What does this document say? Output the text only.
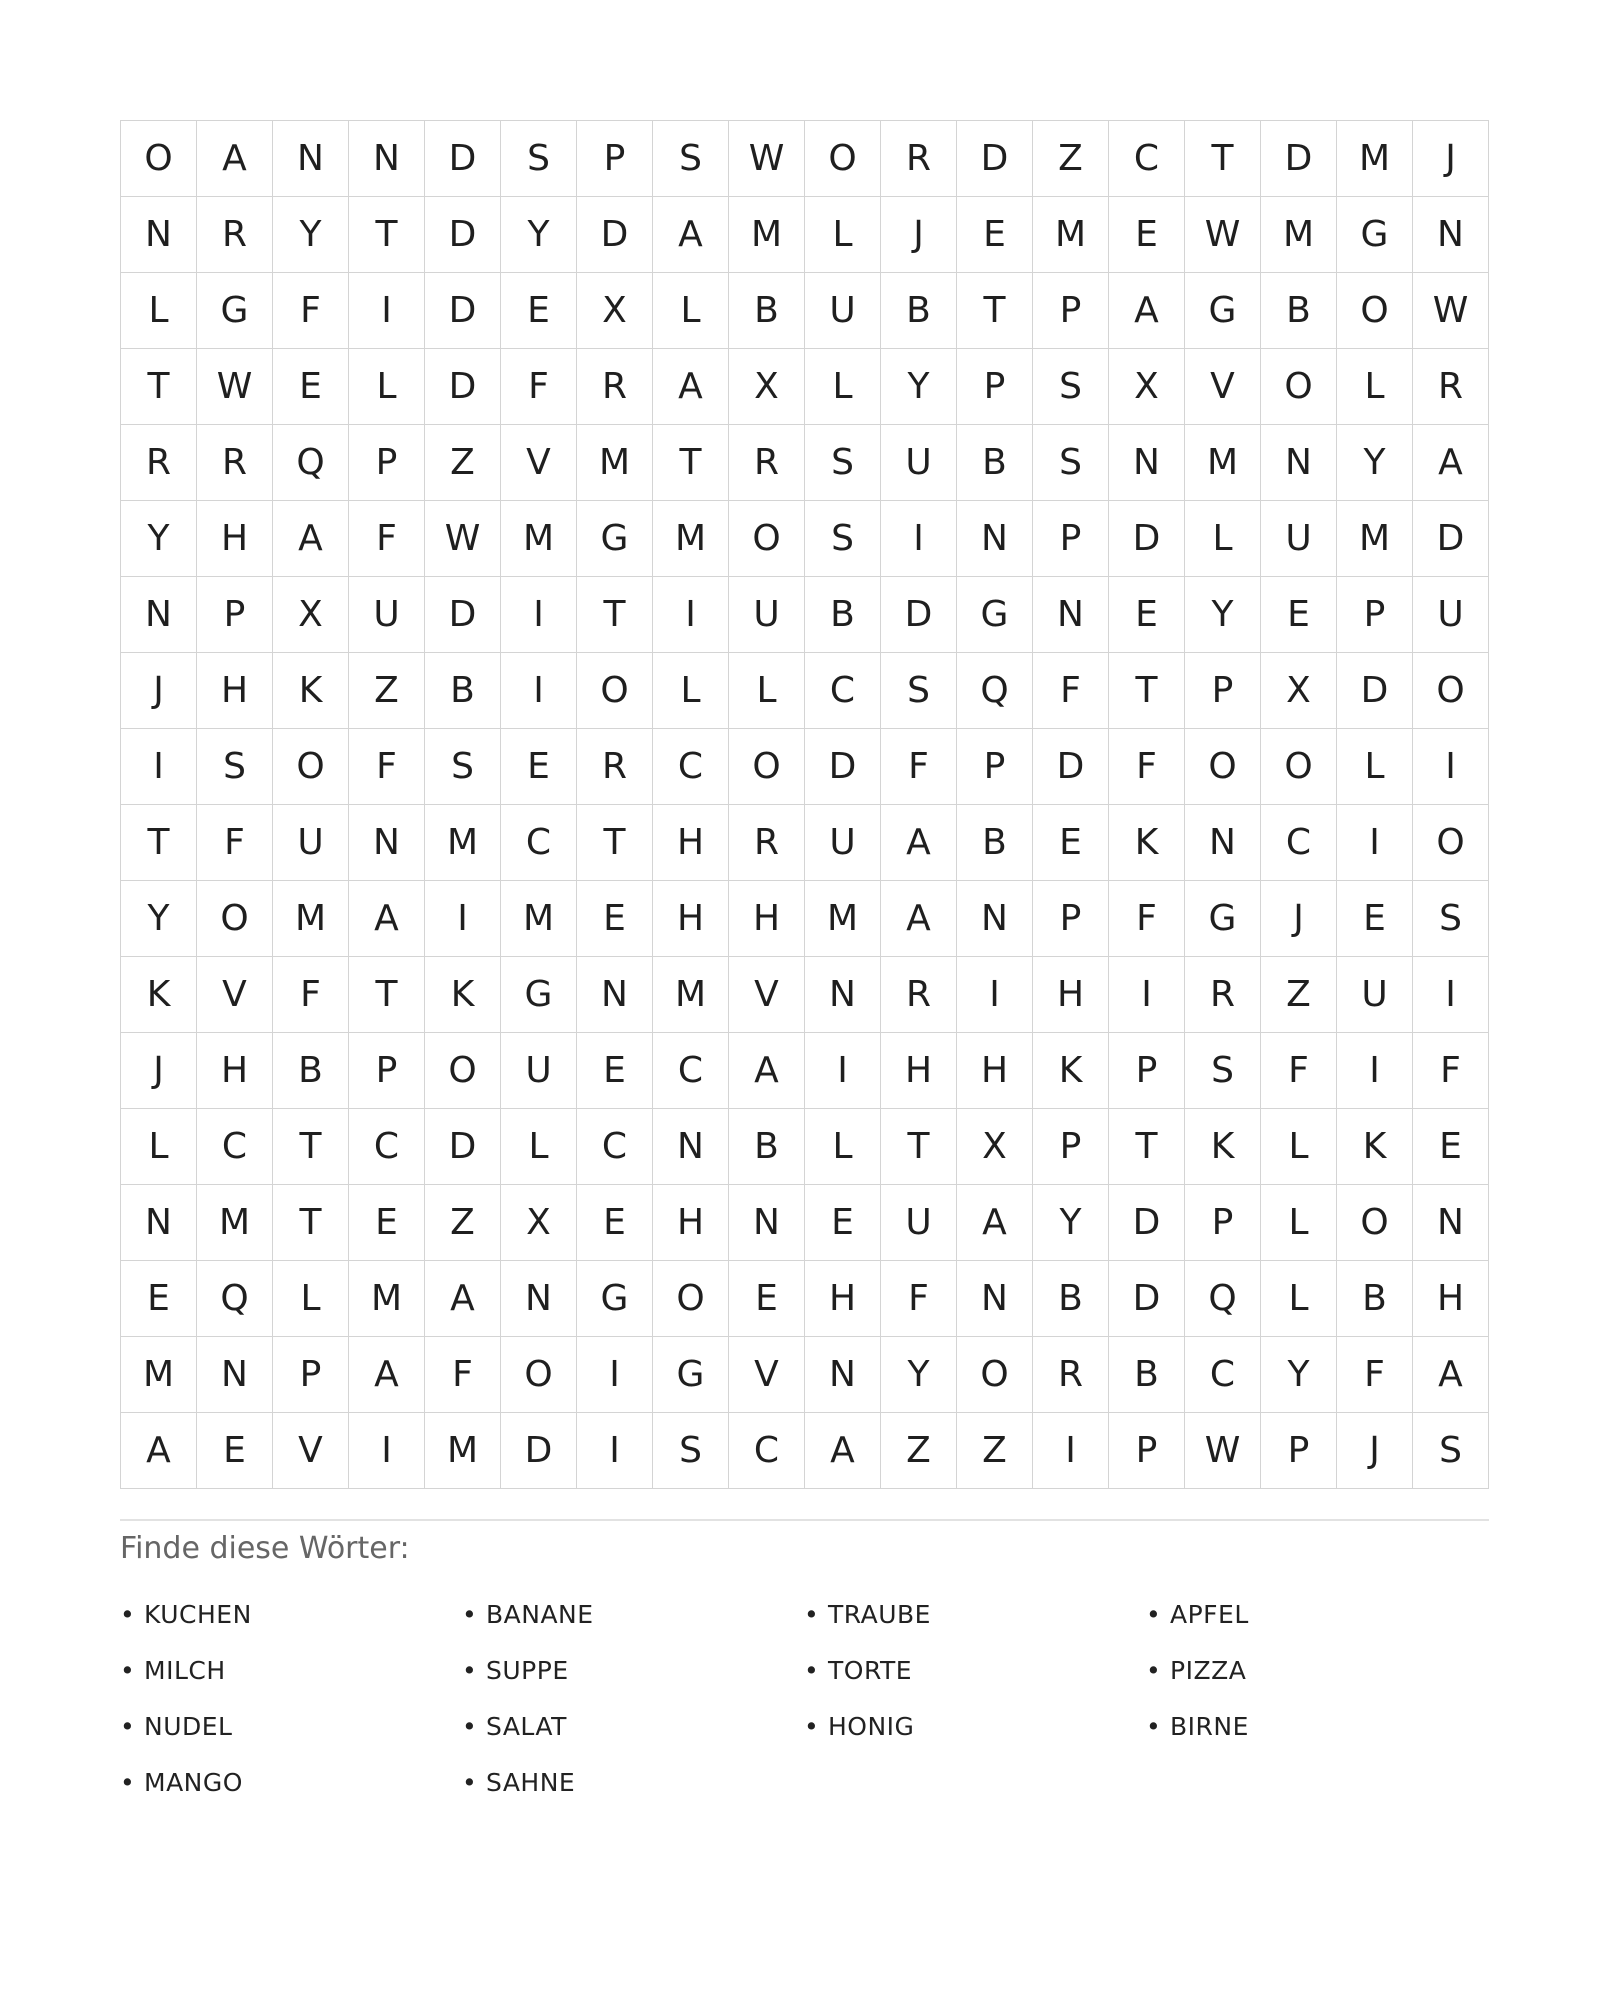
O	A	N	N	D	S	P	S	W	O	R	D	Z	C	T	D	M	J
N	R	Y	T	D	Y	D	A	M	L	J	E	M	E	W	M	G	N
L	G	F	I	D	E	X	L	B	U	B	T	P	A	G	B	O	W
T	W	E	L	D	F	R	A	X	L	Y	P	S	X	V	O	L	R
R	R	Q	P	Z	V	M	T	R	S	U	B	S	N	M	N	Y	A
Y	H	A	F	W	M	G	M	O	S	I	N	P	D	L	U	M	D
N	P	X	U	D	I	T	I	U	B	D	G	N	E	Y	E	P	U
J	H	K	Z	B	I	O	L	L	C	S	Q	F	T	P	X	D	O
I	S	O	F	S	E	R	C	O	D	F	P	D	F	O	O	L	I
T	F	U	N	M	C	T	H	R	U	A	B	E	K	N	C	I	O
Y	O	M	A	I	M	E	H	H	M	A	N	P	F	G	J	E	S
K	V	F	T	K	G	N	M	V	N	R	I	H	I	R	Z	U	I
J	H	B	P	O	U	E	C	A	I	H	H	K	P	S	F	I	F
L	C	T	C	D	L	C	N	B	L	T	X	P	T	K	L	K	E
N	M	T	E	Z	X	E	H	N	E	U	A	Y	D	P	L	O	N
E	Q	L	M	A	N	G	O	E	H	F	N	B	D	Q	L	B	H
M	N	P	A	F	O	I	G	V	N	Y	O	R	B	C	Y	F	A
A	E	V	I	M	D	I	S	C	A	Z	Z	I	P	W	P	J	S
Finde diese Wörter:
• KUCHEN	• BANANE	• TRAUBE	• APFEL
• MILCH	• SUPPE	• TORTE	• PIZZA
• NUDEL	• SALAT	• HONIG	• BIRNE
• MANGO	• SAHNE
